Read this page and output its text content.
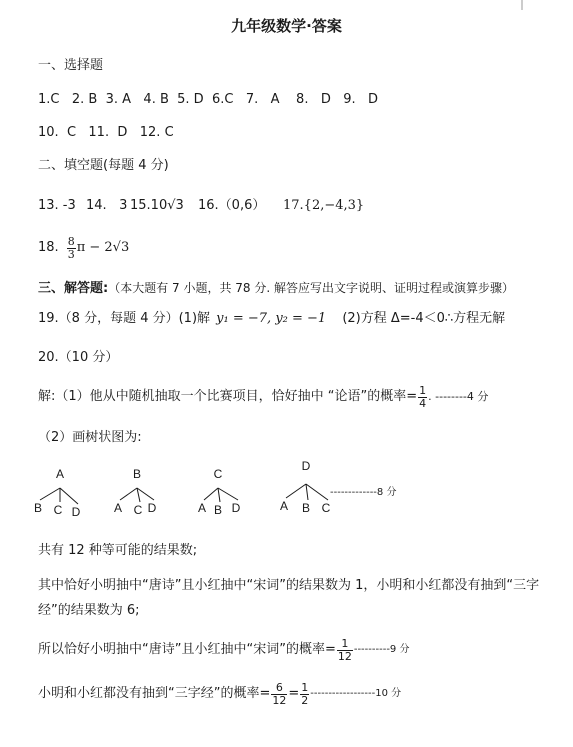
九年级数学·答案
一、选择题
1.C   2. B  3. A   4. B  5. D  6.C   7.   A    8.   D   9.   D
10.  C   11.  D   12. C
二、填空题(每题 4 分)
13. -3 14.   3 15.10√3 16.（0,6） 17.{2,−4,3}
18. $\frac{8}{3}$ π − 2√3
三、解答题:（本大题有 7 小题，共 78 分. 解答应写出文字说明、证明过程或演算步骤）
19.（8 分，每题 4 分）(1)解 y₁ = −7, y₂ = −1 (2)方程 Δ=-4＜0∴方程无解
20.（10 分）
解:（1）他从中随机抽取一个比赛项目，恰好抽中 “论语”的概率= $\frac{1}{4}$ . --------4 分
（2）画树状图为:
A
B C D
B
A C D
C
A B D
D
A B C
-------------8 分
共有 12 种等可能的结果数;
其中恰好小明抽中“唐诗”且小红抽中“宋词”的结果数为 1，小明和小红都没有抽到“三字
经”的结果数为 6;
所以恰好小明抽中“唐诗”且小红抽中“宋词”的概率= $\frac{1}{12} ----------9$ 分
小明和小红都没有抽到“三字经”的概率= $\frac{6}{12} = \frac{1}{2} ------------------10$ 分
